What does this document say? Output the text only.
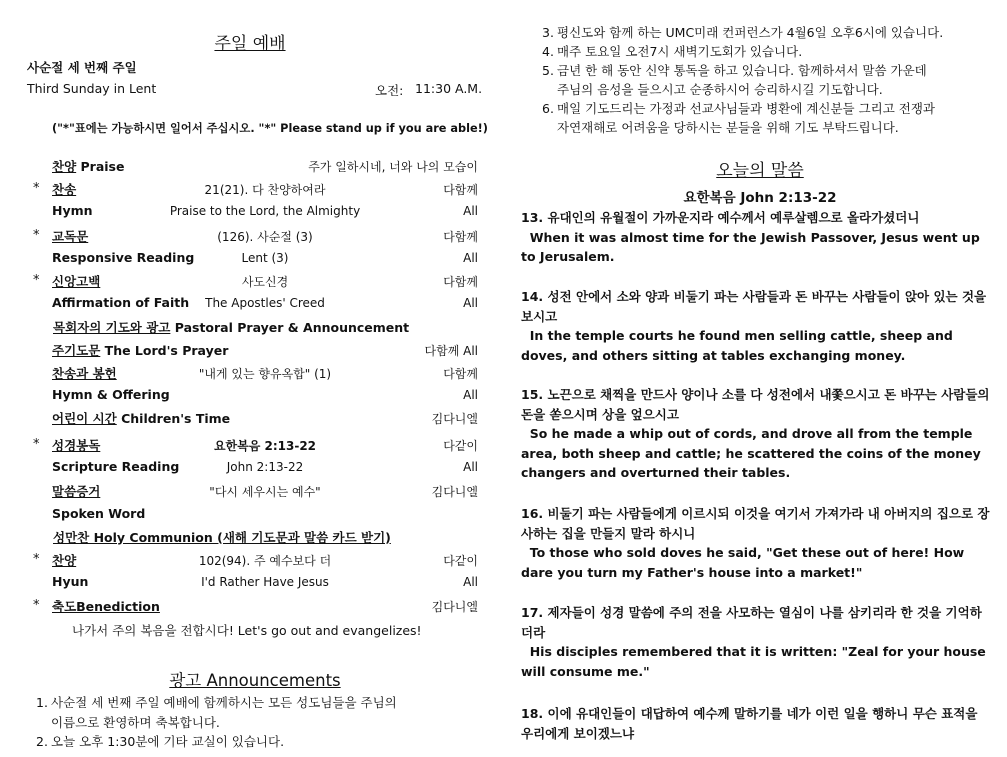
주일 예배
사순절 세 번째 주일
Third Sunday in Lent	오전: 11:30 A.M.
("*"표에는 가능하시면 일어서 주십시오. "*" Please stand up if you are able!)
찬양 Praise	주가 일하시네, 너와 나의 모습이
* 찬송	21(21). 다 찬양하여라	다함께
Hymn	Praise to the Lord, the Almighty	All
* 교독문	(126). 사순절 (3)	다함께
Responsive Reading	Lent (3)	All
* 신앙고백	사도신경	다함께
Affirmation of Faith	The Apostles' Creed	All
목회자의 기도와 광고 Pastoral Prayer & Announcement
주기도문 The Lord's Prayer	다함께 All
찬송과 봉헌	"내게 있는 향유옥합" (1)	다함께
Hymn & Offering	All
어린이 시간 Children's Time	김다니엘
* 성경봉독	요한복음 2:13-22	다같이
Scripture Reading	John 2:13-22	All
말씀증거	"다시 세우시는 예수"	김다니엘
Spoken Word
성만찬 Holy Communion (새해 기도문과 말씀 카드 받기)
* 찬양	102(94). 주 예수보다 더	다같이
Hyun	I'd Rather Have Jesus	All
* 축도Benediction	김다니엘
나가서 주의 복음을 전합시다! Let's go out and evangelizes!
광고 Announcements
1. 사순절 세 번째 주일 예배에 함께하시는 모든 성도님들을 주님의
이름으로 환영하며 축복합니다.
2. 오늘 오후 1:30분에 기타 교실이 있습니다.
3. 평신도와 함께 하는 UMC미래 컨퍼런스가 4월6일 오후6시에 있습니다.
4. 매주 토요일 오전7시 새벽기도회가 있습니다.
5. 금년 한 해 동안 신약 통독을 하고 있습니다. 함께하셔서 말씀 가운데
주님의 음성을 들으시고 순종하시어 승리하시길 기도합니다.
6. 매일 기도드리는 가정과 선교사님들과 병환에 계신분들 그리고 전쟁과
자연재해로 어려움을 당하시는 분들을 위해 기도 부탁드립니다.
오늘의 말씀
요한복음 John 2:13-22
13. 유대인의 유월절이 가까운지라 예수께서 예루살렘으로 올라가셨더니
When it was almost time for the Jewish Passover, Jesus went up to Jerusalem.
14. 성전 안에서 소와 양과 비둘기 파는 사람들과 돈 바꾸는 사람들이 앉아 있는 것을 보시고
In the temple courts he found men selling cattle, sheep and doves, and others sitting at tables exchanging money.
15. 노끈으로 채찍을 만드사 양이나 소를 다 성전에서 내쫓으시고 돈 바꾸는 사람들의 돈을 쏟으시며 상을 엎으시고
So he made a whip out of cords, and drove all from the temple area, both sheep and cattle; he scattered the coins of the money changers and overturned their tables.
16. 비둘기 파는 사람들에게 이르시되 이것을 여기서 가져가라 내 아버지의 집으로 장사하는 집을 만들지 말라 하시니
To those who sold doves he said, "Get these out of here! How dare you turn my Father's house into a market!"
17. 제자들이 성경 말씀에 주의 전을 사모하는 열심이 나를 삼키리라 한 것을 기억하더라
His disciples remembered that it is written: "Zeal for your house will consume me."
18. 이에 유대인들이 대답하여 예수께 말하기를 네가 이런 일을 행하니 무슨 표적을 우리에게 보이겠느냐
